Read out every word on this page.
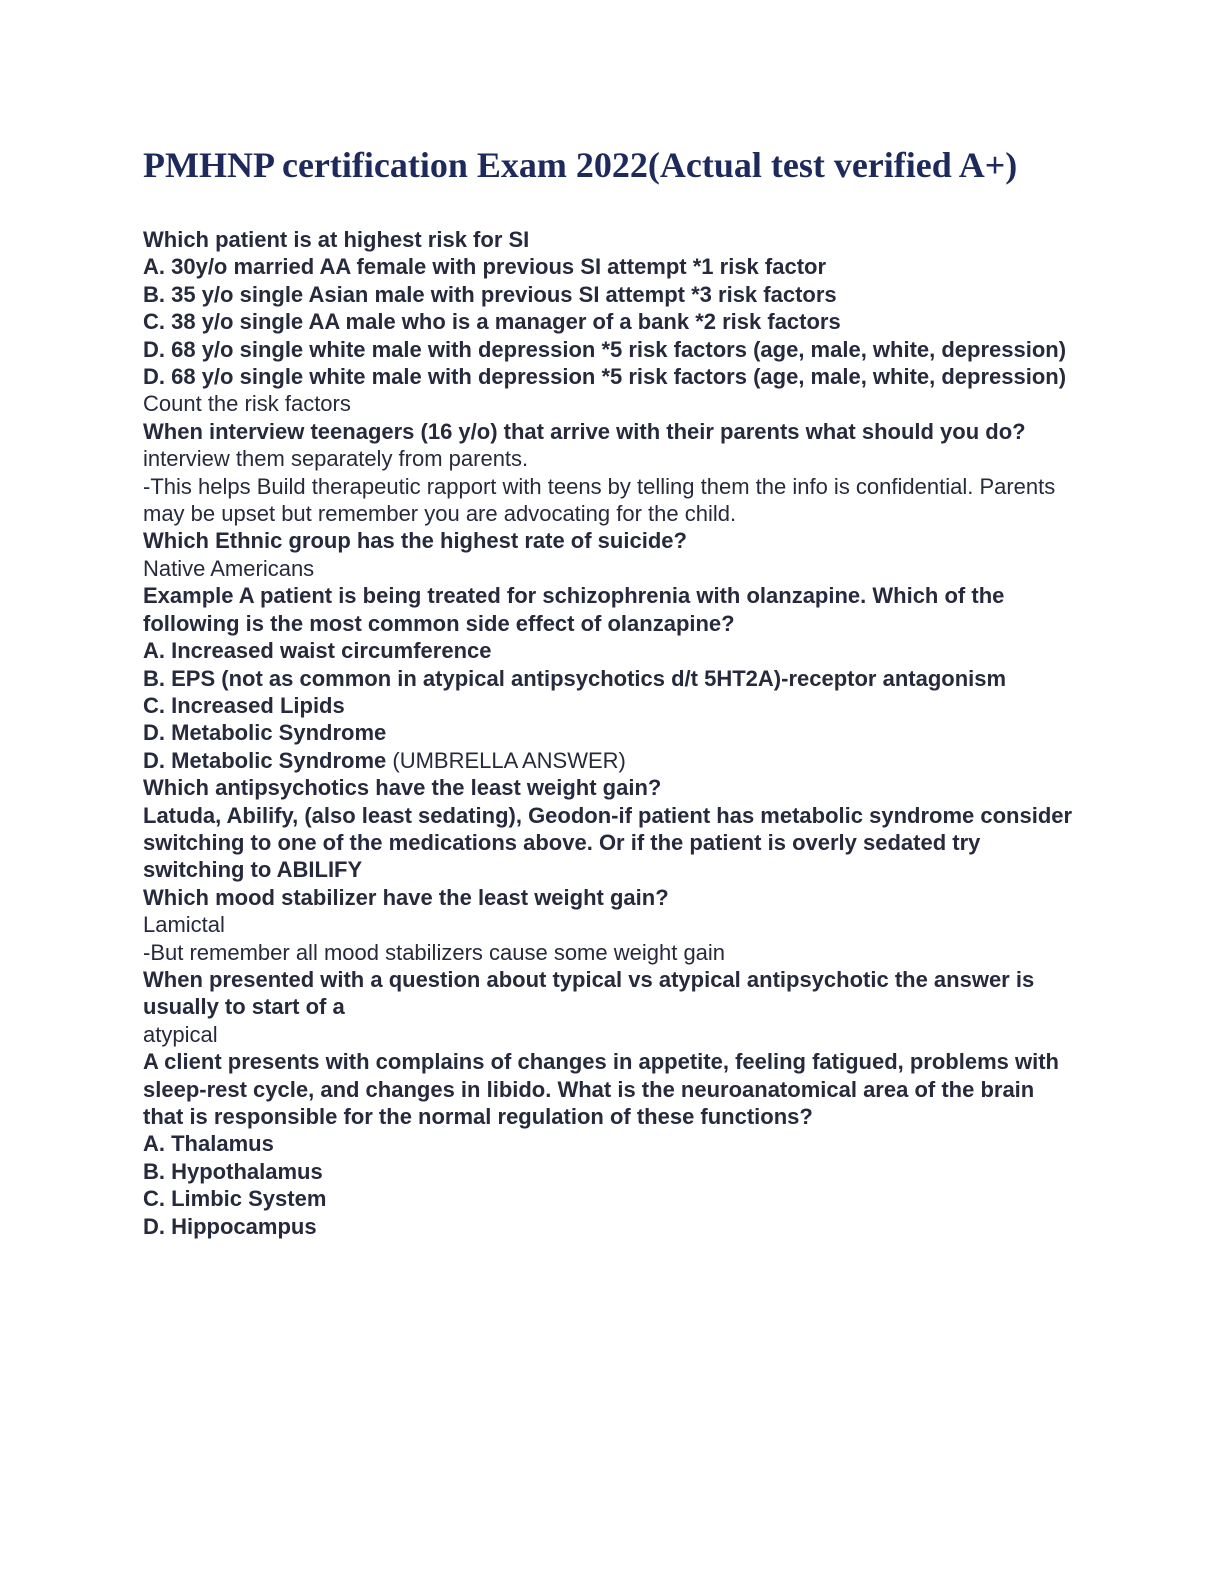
PMHNP certification Exam 2022(Actual test verified A+)

Which patient is at highest risk for SI

A. 30y/o married AA female with previous SI attempt *1 risk factor

B. 35 y/o single Asian male with previous SI attempt *3 risk factors

C. 38 y/o single AA male who is a manager of a bank *2 risk factors

D. 68 y/o single white male with depression *5 risk factors (age, male, white, depression)

D. 68 y/o single white male with depression *5 risk factors (age, male, white, depression)

Count the risk factors

When interview teenagers (16 y/o) that arrive with their parents what should you do?

interview them separately from parents.

-This helps Build therapeutic rapport with teens by telling them the info is confidential. Parents may be upset but remember you are advocating for the child.

Which Ethnic group has the highest rate of suicide?

Native Americans

Example A patient is being treated for schizophrenia with olanzapine. Which of the following is the most common side effect of olanzapine?

A. Increased waist circumference

B. EPS (not as common in atypical antipsychotics d/t 5HT2A)-receptor antagonism

C. Increased Lipids

D. Metabolic Syndrome

D. Metabolic Syndrome (UMBRELLA ANSWER)

Which antipsychotics have the least weight gain?

Latuda, Abilify, (also least sedating), Geodon-if patient has metabolic syndrome consider switching to one of the medications above. Or if the patient is overly sedated try switching to ABILIFY

Which mood stabilizer have the least weight gain?

Lamictal

-But remember all mood stabilizers cause some weight gain

When presented with a question about typical vs atypical antipsychotic the answer is usually to start of a

atypical

A client presents with complains of changes in appetite, feeling fatigued, problems with sleep-rest cycle, and changes in libido. What is the neuroanatomical area of the brain that is responsible for the normal regulation of these functions?

A. Thalamus

B. Hypothalamus

C. Limbic System

D. Hippocampus
